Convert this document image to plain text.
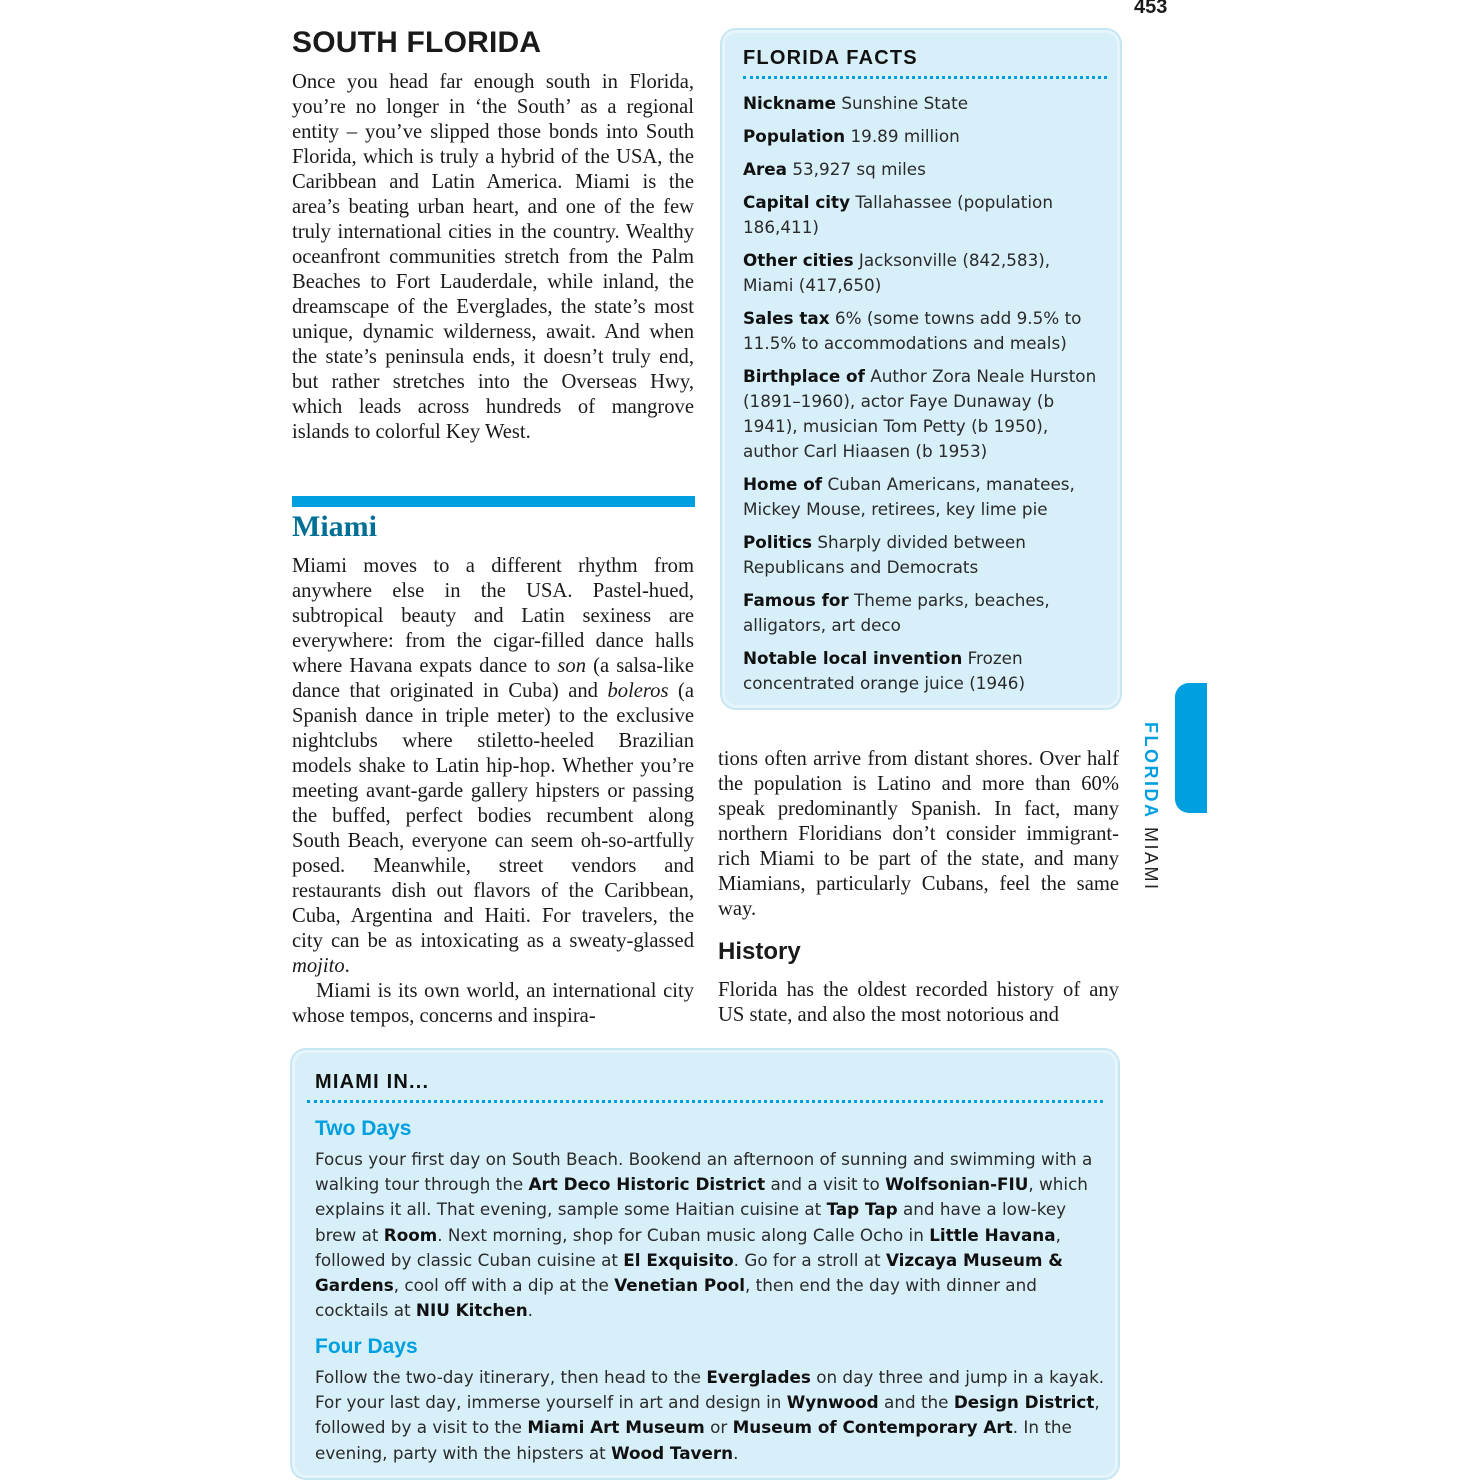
453
SOUTH FLORIDA

Once you head far enough south in Florida, you’re no longer in ‘the South’ as a regional entity – you’ve slipped those bonds into South Florida, which is truly a hybrid of the USA, the Caribbean and Latin America. Miami is the area’s beating urban heart, and one of the few truly international cities in the country. Wealthy oceanfront communities stretch from the Palm Beaches to Fort Lauderdale, while inland, the dreamscape of the Everglades, the state’s most unique, dynamic wilderness, await. And when the state’s peninsula ends, it doesn’t truly end, but rather stretches into the Overseas Hwy, which leads across hundreds of mangrove islands to colorful Key West.

Miami
Miami moves to a different rhythm from anywhere else in the USA. Pastel-hued, subtropical beauty and Latin sexiness are everywhere: from the cigar-filled dance halls where Havana expats dance to son (a salsa-like dance that originated in Cuba) and boleros (a Spanish dance in triple meter) to the exclusive nightclubs where stiletto-heeled Brazilian models shake to Latin hip-hop. Whether you’re meeting avant-garde gallery hipsters or passing the buffed, perfect bodies recumbent along South Beach, everyone can seem oh-so-artfully posed. Meanwhile, street vendors and restaurants dish out flavors of the Caribbean, Cuba, Argentina and Haiti. For travelers, the city can be as intoxicating as a sweaty-glassed mojito.
Miami is its own world, an international city whose tempos, concerns and inspira-

tions often arrive from distant shores. Over half the population is Latino and more than 60% speak predominantly Spanish. In fact, many northern Floridians don’t consider immigrant-rich Miami to be part of the state, and many Miamians, particularly Cubans, feel the same way.

History

Florida has the oldest recorded history of any US state, and also the most notorious and

FLORIDA FACTS
Nickname Sunshine State
Population 19.89 million
Area 53,927 sq miles
Capital city Tallahassee (population 186,411)
Other cities Jacksonville (842,583), Miami (417,650)
Sales tax 6% (some towns add 9.5% to 11.5% to accommodations and meals)
Birthplace of Author Zora Neale Hurston (1891–1960), actor Faye Dunaway (b 1941), musician Tom Petty (b 1950), author Carl Hiaasen (b 1953)
Home of Cuban Americans, manatees, Mickey Mouse, retirees, key lime pie
Politics Sharply divided between Republicans and Democrats
Famous for Theme parks, beaches, alligators, art deco
Notable local invention Frozen concentrated orange juice (1946)
FLORIDA MIAMI
MIAMI IN...
Two Days

Focus your first day on South Beach. Bookend an afternoon of sunning and swimming with a walking tour through the Art Deco Historic District and a visit to Wolfsonian-FIU, which explains it all. That evening, sample some Haitian cuisine at Tap Tap and have a low-key brew at Room. Next morning, shop for Cuban music along Calle Ocho in Little Havana, followed by classic Cuban cuisine at El Exquisito. Go for a stroll at Vizcaya Museum & Gardens, cool off with a dip at the Venetian Pool, then end the day with dinner and cocktails at NIU Kitchen.

Four Days

Follow the two-day itinerary, then head to the Everglades on day three and jump in a kayak. For your last day, immerse yourself in art and design in Wynwood and the Design District, followed by a visit to the Miami Art Museum or Museum of Contemporary Art. In the evening, party with the hipsters at Wood Tavern.
